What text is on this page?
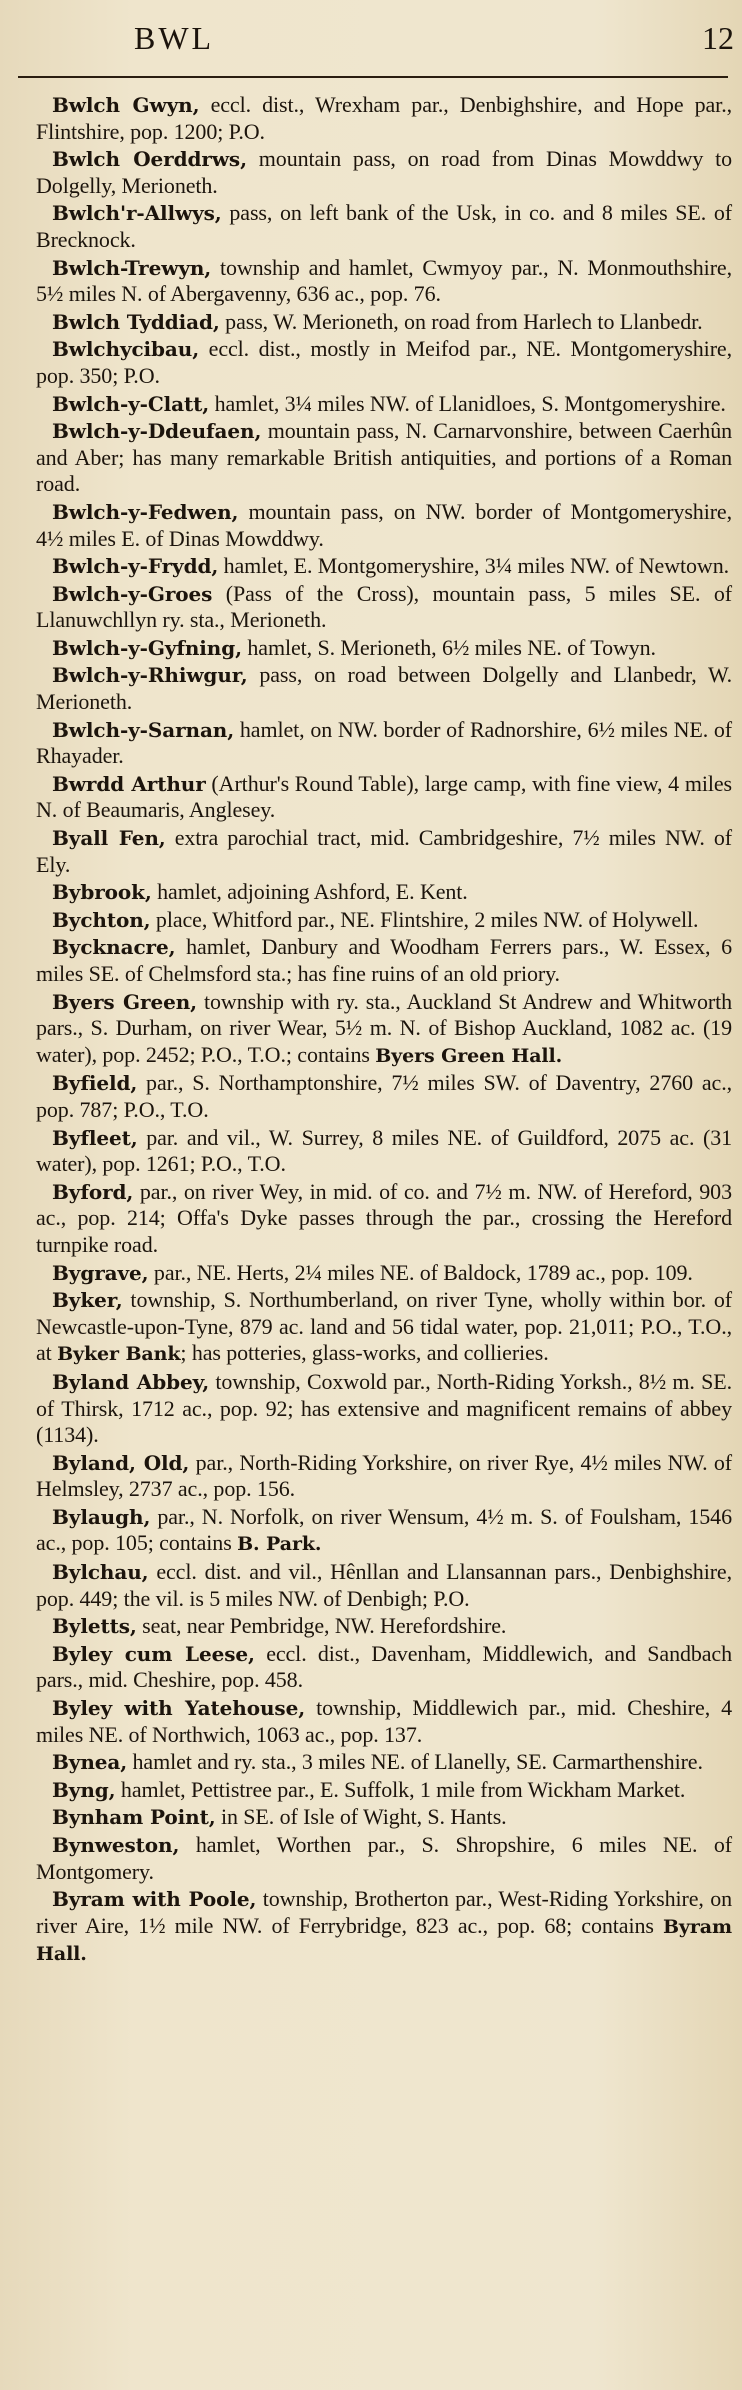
BWL	12

Bwlch Gwyn, eccl. dist., Wrexham par., Denbighshire, and Hope par., Flintshire, pop. 1200; P.O.

Bwlch Oerddrws, mountain pass, on road from Dinas Mowddwy to Dolgelly, Merioneth.

Bwlch'r-Allwys, pass, on left bank of the Usk, in co. and 8 miles SE. of Brecknock.

Bwlch-Trewyn, township and hamlet, Cwmyoy par., N. Monmouthshire, 5½ miles N. of Abergavenny, 636 ac., pop. 76.

Bwlch Tyddiad, pass, W. Merioneth, on road from Harlech to Llanbedr.

Bwlchycibau, eccl. dist., mostly in Meifod par., NE. Montgomeryshire, pop. 350; P.O.

Bwlch-y-Clatt, hamlet, 3¼ miles NW. of Llanidloes, S. Montgomeryshire.

Bwlch-y-Ddeufaen, mountain pass, N. Carnarvonshire, between Caerhûn and Aber; has many remarkable British antiquities, and portions of a Roman road.

Bwlch-y-Fedwen, mountain pass, on NW. border of Montgomeryshire, 4½ miles E. of Dinas Mowddwy.

Bwlch-y-Frydd, hamlet, E. Montgomeryshire, 3¼ miles NW. of Newtown.

Bwlch-y-Groes (Pass of the Cross), mountain pass, 5 miles SE. of Llanuwchllyn ry. sta., Merioneth.

Bwlch-y-Gyfning, hamlet, S. Merioneth, 6½ miles NE. of Towyn.

Bwlch-y-Rhiwgur, pass, on road between Dolgelly and Llanbedr, W. Merioneth.

Bwlch-y-Sarnan, hamlet, on NW. border of Radnorshire, 6½ miles NE. of Rhayader.

Bwrdd Arthur (Arthur's Round Table), large camp, with fine view, 4 miles N. of Beaumaris, Anglesey.

Byall Fen, extra parochial tract, mid. Cambridgeshire, 7½ miles NW. of Ely.

Bybrook, hamlet, adjoining Ashford, E. Kent.

Bychton, place, Whitford par., NE. Flintshire, 2 miles NW. of Holywell.

Bycknacre, hamlet, Danbury and Woodham Ferrers pars., W. Essex, 6 miles SE. of Chelmsford sta.; has fine ruins of an old priory.

Byers Green, township with ry. sta., Auckland St Andrew and Whitworth pars., S. Durham, on river Wear, 5½ m. N. of Bishop Auckland, 1082 ac. (19 water), pop. 2452; P.O., T.O.; contains Byers Green Hall.

Byfield, par., S. Northamptonshire, 7½ miles SW. of Daventry, 2760 ac., pop. 787; P.O., T.O.

Byfleet, par. and vil., W. Surrey, 8 miles NE. of Guildford, 2075 ac. (31 water), pop. 1261; P.O., T.O.

Byford, par., on river Wey, in mid. of co. and 7½ m. NW. of Hereford, 903 ac., pop. 214; Offa's Dyke passes through the par., crossing the Hereford turnpike road.

Bygrave, par., NE. Herts, 2¼ miles NE. of Baldock, 1789 ac., pop. 109.

Byker, township, S. Northumberland, on river Tyne, wholly within bor. of Newcastle-upon-Tyne, 879 ac. land and 56 tidal water, pop. 21,011; P.O., T.O., at Byker Bank; has potteries, glass-works, and collieries.

Byland Abbey, township, Coxwold par., North-Riding Yorksh., 8½ m. SE. of Thirsk, 1712 ac., pop. 92; has extensive and magnificent remains of abbey (1134).

Byland, Old, par., North-Riding Yorkshire, on river Rye, 4½ miles NW. of Helmsley, 2737 ac., pop. 156.

Bylaugh, par., N. Norfolk, on river Wensum, 4½ m. S. of Foulsham, 1546 ac., pop. 105; contains B. Park.

Bylchau, eccl. dist. and vil., Hênllan and Llansannan pars., Denbighshire, pop. 449; the vil. is 5 miles NW. of Denbigh; P.O.

Byletts, seat, near Pembridge, NW. Herefordshire.

Byley cum Leese, eccl. dist., Davenham, Middlewich, and Sandbach pars., mid. Cheshire, pop. 458.

Byley with Yatehouse, township, Middlewich par., mid. Cheshire, 4 miles NE. of Northwich, 1063 ac., pop. 137.

Bynea, hamlet and ry. sta., 3 miles NE. of Llanelly, SE. Carmarthenshire.

Byng, hamlet, Pettistree par., E. Suffolk, 1 mile from Wickham Market.

Bynham Point, in SE. of Isle of Wight, S. Hants.

Bynweston, hamlet, Worthen par., S. Shropshire, 6 miles NE. of Montgomery.

Byram with Poole, township, Brotherton par., West-Riding Yorkshire, on river Aire, 1½ mile NW. of Ferrybridge, 823 ac., pop. 68; contains Byram Hall.
